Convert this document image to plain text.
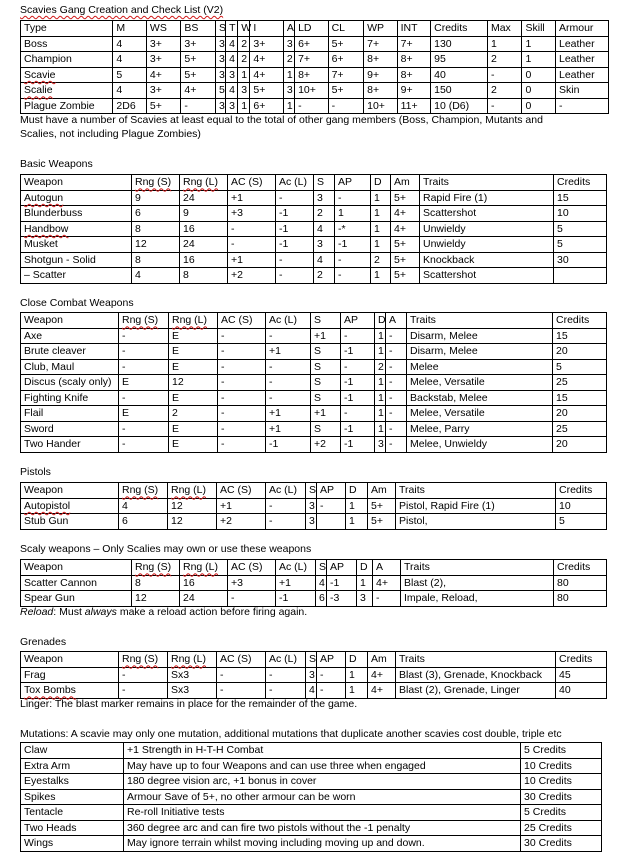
Scavies Gang Creation and Check List (V2)
Type	M	WS	BS	S	T	W	I	A	LD	CL	WP	INT	Credits	Max	Skill	Armour
Boss	4	3+	3+	3	4	2	3+	3	6+	5+	7+	7+	130	1	1	Leather
Champion	4	3+	5+	3	4	2	4+	2	7+	6+	8+	8+	95	2	1	Leather
Scavie	5	4+	5+	3	3	1	4+	1	8+	7+	9+	8+	40	-	0	Leather
Scalie	4	3+	4+	5	4	3	5+	3	10+	5+	8+	9+	150	2	0	Skin
Plague Zombie	2D6	5+	-	3	3	1	6+	1	-	-	10+	11+	10 (D6)	-	0	-
Must have a number of Scavies at least equal to the total of other gang members (Boss, Champion, Mutants and
Scalies, not including Plague Zombies)
Basic Weapons
Weapon	Rng (S)	Rng (L)	AC (S)	Ac (L)	S	AP	D	Am	Traits	Credits
Autogun	9	24	+1	-	3	-	1	5+	Rapid Fire (1)	15
Blunderbuss	6	9	+3	-1	2	1	1	4+	Scattershot	10
Handbow	8	16	-	-1	4	-*	1	4+	Unwieldy	5
Musket	12	24	-	-1	3	-1	1	5+	Unwieldy	5
Shotgun - Solid	8	16	+1	-	4	-	2	5+	Knockback	30
– Scatter	4	8	+2	-	2	-	1	5+	Scattershot	
Close Combat Weapons
Weapon	Rng (S)	Rng (L)	AC (S)	Ac (L)	S	AP	D	A	Traits	Credits
Axe	-	E	-	-	+1	-	1	-	Disarm, Melee	15
Brute cleaver	-	E	-	+1	S	-1	1	-	Disarm, Melee	20
Club, Maul	-	E	-	-	S	-	2	-	Melee	5
Discus (scaly only)	E	12	-	-	S	-1	1	-	Melee, Versatile	25
Fighting Knife	-	E	-	-	S	-1	1	-	Backstab, Melee	15
Flail	E	2	-	+1	+1	-	1	-	Melee, Versatile	20
Sword	-	E	-	+1	S	-1	1	-	Melee, Parry	25
Two Hander	-	E	-	-1	+2	-1	3	-	Melee, Unwieldy	20
Pistols
Weapon	Rng (S)	Rng (L)	AC (S)	Ac (L)	S	AP	D	Am	Traits	Credits
Autopistol	4	12	+1	-	3	-	1	5+	Pistol, Rapid Fire (1)	10
Stub Gun	6	12	+2	-	3		1	5+	Pistol,	5
Scaly weapons – Only Scalies may own or use these weapons
Weapon	Rng (S)	Rng (L)	AC (S)	Ac (L)	S	AP	D	A	Traits	Credits
Scatter Cannon	8	16	+3	+1	4	-1	1	4+	Blast (2),	80
Spear Gun	12	24	-	-1	6	-3	3	-	Impale, Reload,	80
Reload: Must always make a reload action before firing again.
Grenades
Weapon	Rng (S)	Rng (L)	AC (S)	Ac (L)	S	AP	D	Am	Traits	Credits
Frag	-	Sx3	-	-	3	-	1	4+	Blast (3), Grenade, Knockback	45
Tox Bombs	-	Sx3	-	-	4	-	1	4+	Blast (2), Grenade, Linger	40
Linger: The blast marker remains in place for the remainder of the game.
Mutations: A scavie may only one mutation, additional mutations that duplicate another scavies cost double, triple etc
Claw	+1 Strength in H-T-H Combat	5 Credits
Extra Arm	May have up to four Weapons and can use three when engaged	10 Credits
Eyestalks	180 degree vision arc, +1 bonus in cover	10 Credits
Spikes	Armour Save of 5+, no other armour can be worn	30 Credits
Tentacle	Re-roll Initiative tests	5 Credits
Two Heads	360 degree arc and can fire two pistols without the -1 penalty	25 Credits
Wings	May ignore terrain whilst moving including moving up and down.	30 Credits
